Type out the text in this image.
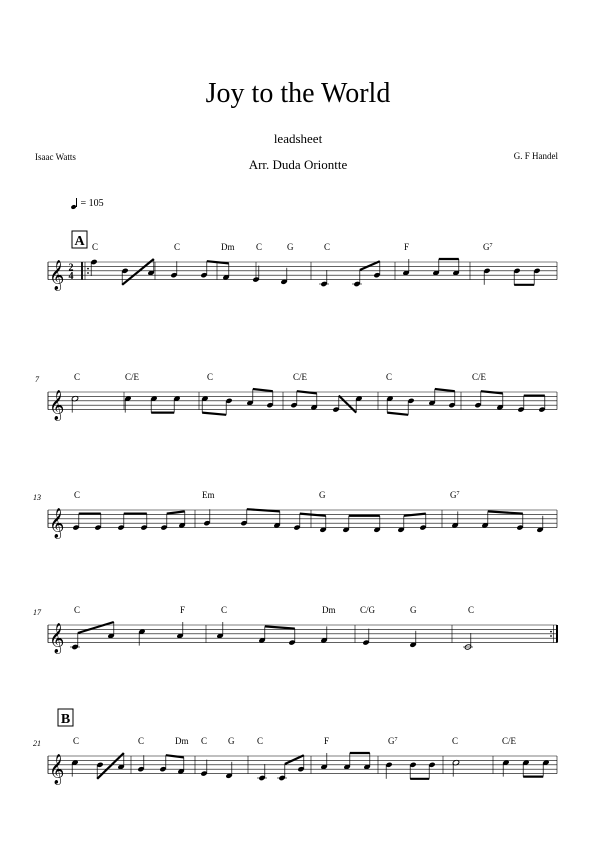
Joy to the World
leadsheet
Arr. Duda Oriontte
Isaac Watts	G. F Handel
= 105
𝄞 2
4
A C	C	Dm C	G	C	F	$G^7$
𝄞
7	C	C/E	C	C/E	C	C/E
𝄞
13	C	Em	G	$G^7$
𝄞
17	C	F	C	Dm	C/G	G	C
𝄞
21
B
C	C	Dm C G	C	F	$G^7$	C	C/E
